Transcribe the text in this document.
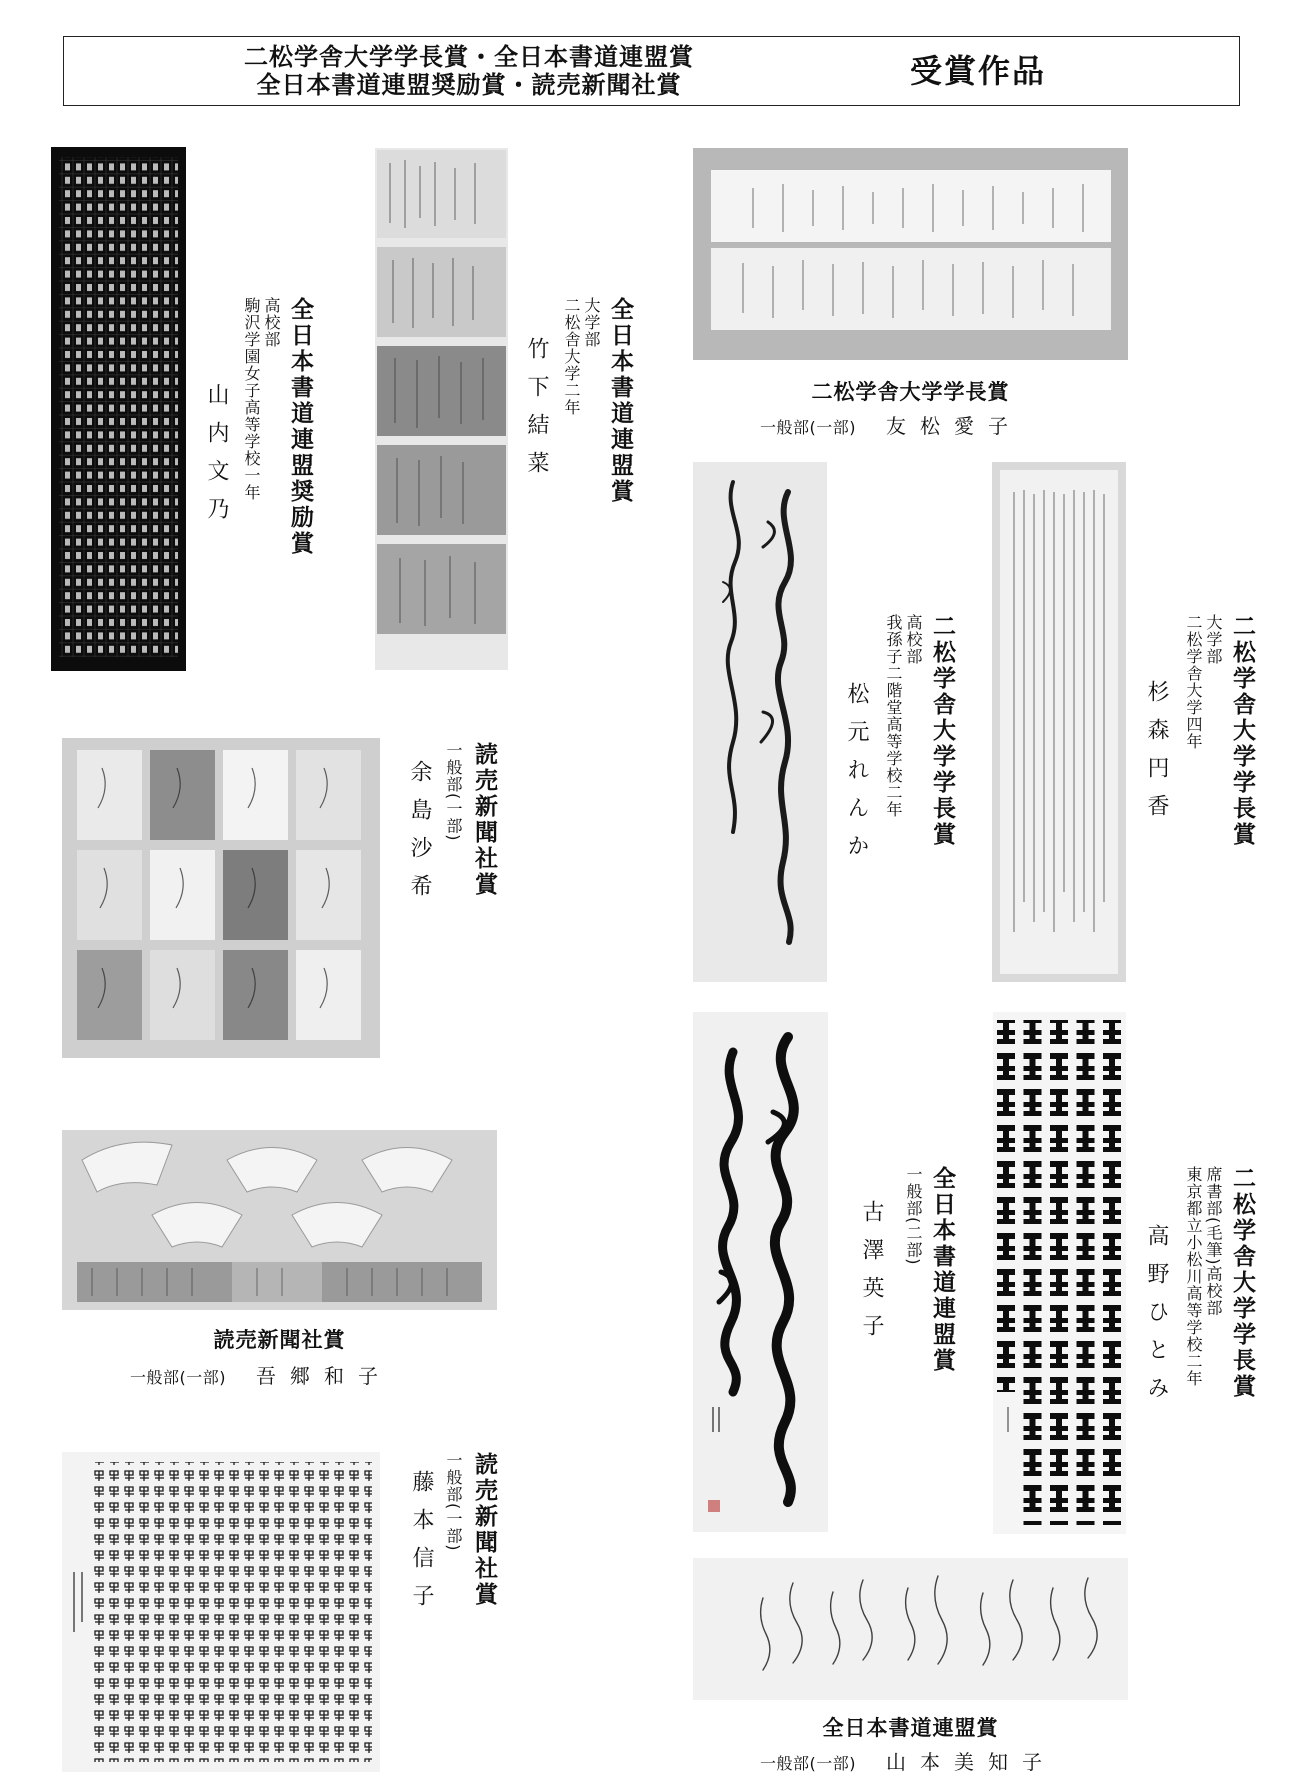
二松学舎大学学長賞・全日本書道連盟賞
全日本書道連盟奨励賞・読売新聞社賞	受賞作品
全日本書道連盟奨励賞
高校部
駒沢学園女子高等学校一年
山内文乃	全日本書道連盟賞
大学部
二松舎大学二年
竹下結菜	二松学舎大学学長賞
一般部(一部) 友松愛子
二松学舎大学学長賞
高校部
我孫子二階堂高等学校二年
松元れんか	二松学舎大学学長賞
大学部
二松学舎大学四年
杉森円香
読売新聞社賞
一般部(一部)
余島沙希
読売新聞社賞
一般部(一部) 吾郷和子
全日本書道連盟賞
一般部(二部)
古澤英子	二松学舎大学学長賞
席書部(毛筆)高校部
東京都立小松川高等学校二年
高野ひとみ
読売新聞社賞
一般部(一部)
藤本信子
全日本書道連盟賞
一般部(一部) 山本美知子
